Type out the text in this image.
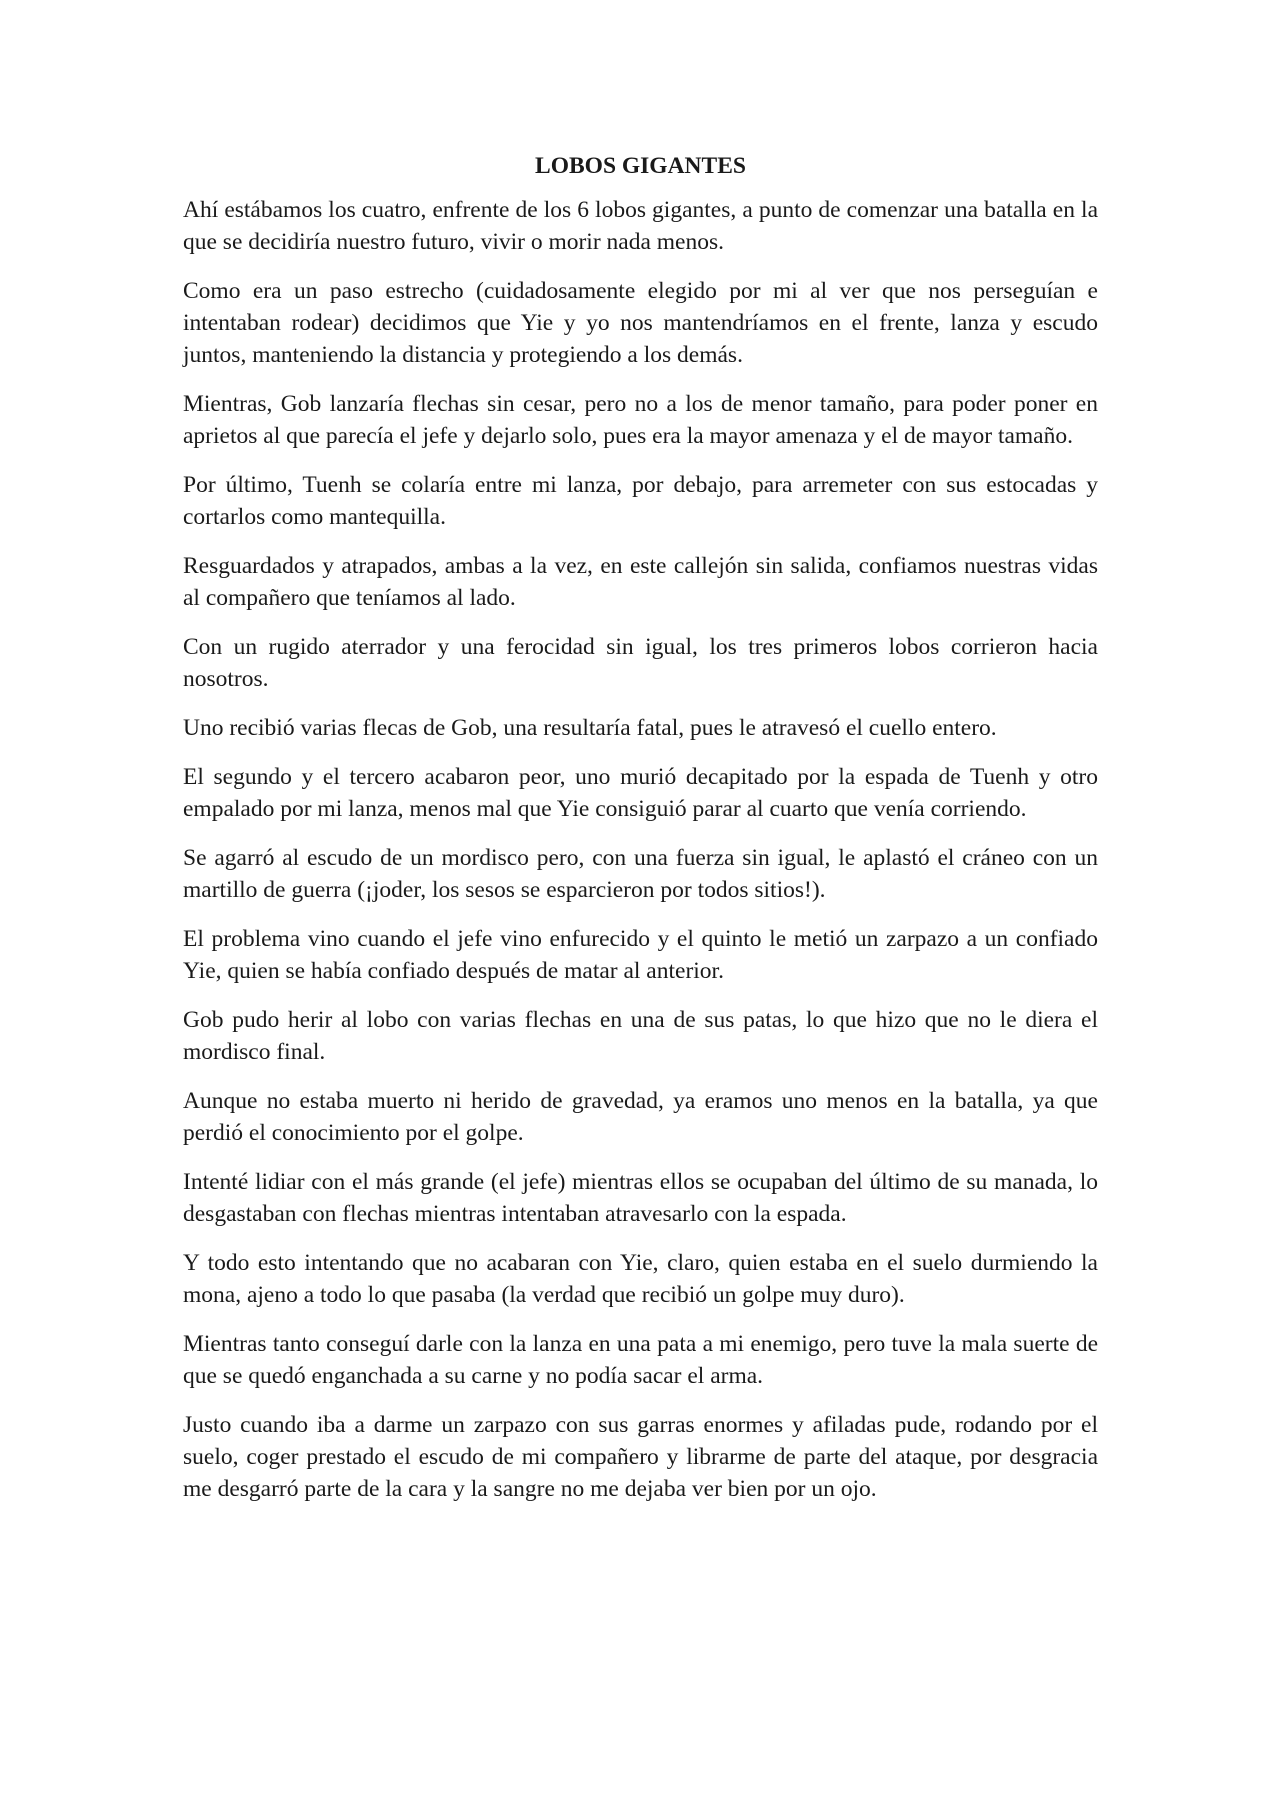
LOBOS GIGANTES

Ahí estábamos los cuatro, enfrente de los 6 lobos gigantes, a punto de comenzar una batalla en la que se decidiría nuestro futuro, vivir o morir nada menos.

Como era un paso estrecho (cuidadosamente elegido por mi al ver que nos perseguían e intentaban rodear) decidimos que Yie y yo nos mantendríamos en el frente, lanza y escudo juntos, manteniendo la distancia y protegiendo a los demás.

Mientras, Gob lanzaría flechas sin cesar, pero no a los de menor tamaño, para poder poner en aprietos al que parecía el jefe y dejarlo solo, pues era la mayor amenaza y el de mayor tamaño.

Por último, Tuenh se colaría entre mi lanza, por debajo, para arremeter con sus estocadas y cortarlos como mantequilla.

Resguardados y atrapados, ambas a la vez, en este callejón sin salida, confiamos nuestras vidas al compañero que teníamos al lado.

Con un rugido aterrador y una ferocidad sin igual, los tres primeros lobos corrieron hacia nosotros.

Uno recibió varias flecas de Gob, una resultaría fatal, pues le atravesó el cuello entero.

El segundo y el tercero acabaron peor, uno murió decapitado por la espada de Tuenh y otro empalado por mi lanza, menos mal que Yie consiguió parar al cuarto que venía corriendo.

Se agarró al escudo de un mordisco pero, con una fuerza sin igual, le aplastó el cráneo con un martillo de guerra (¡joder, los sesos se esparcieron por todos sitios!).

El problema vino cuando el jefe vino enfurecido y el quinto le metió un zarpazo a un confiado Yie, quien se había confiado después de matar al anterior.

Gob pudo herir al lobo con varias flechas en una de sus patas, lo que hizo que no le diera el mordisco final.

Aunque no estaba muerto ni herido de gravedad, ya eramos uno menos en la batalla, ya que perdió el conocimiento por el golpe.

Intenté lidiar con el más grande (el jefe) mientras ellos se ocupaban del último de su manada, lo desgastaban con flechas mientras intentaban atravesarlo con la espada.

Y todo esto intentando que no acabaran con Yie, claro, quien estaba en el suelo durmiendo la mona, ajeno a todo lo que pasaba (la verdad que recibió un golpe muy duro).

Mientras tanto conseguí darle con la lanza en una pata a mi enemigo, pero tuve la mala suerte de que se quedó enganchada a su carne y no podía sacar el arma.

Justo cuando iba a darme un zarpazo con sus garras enormes y afiladas pude, rodando por el suelo, coger prestado el escudo de mi compañero y librarme de parte del ataque, por desgracia me desgarró parte de la cara y la sangre no me dejaba ver bien por un ojo.
